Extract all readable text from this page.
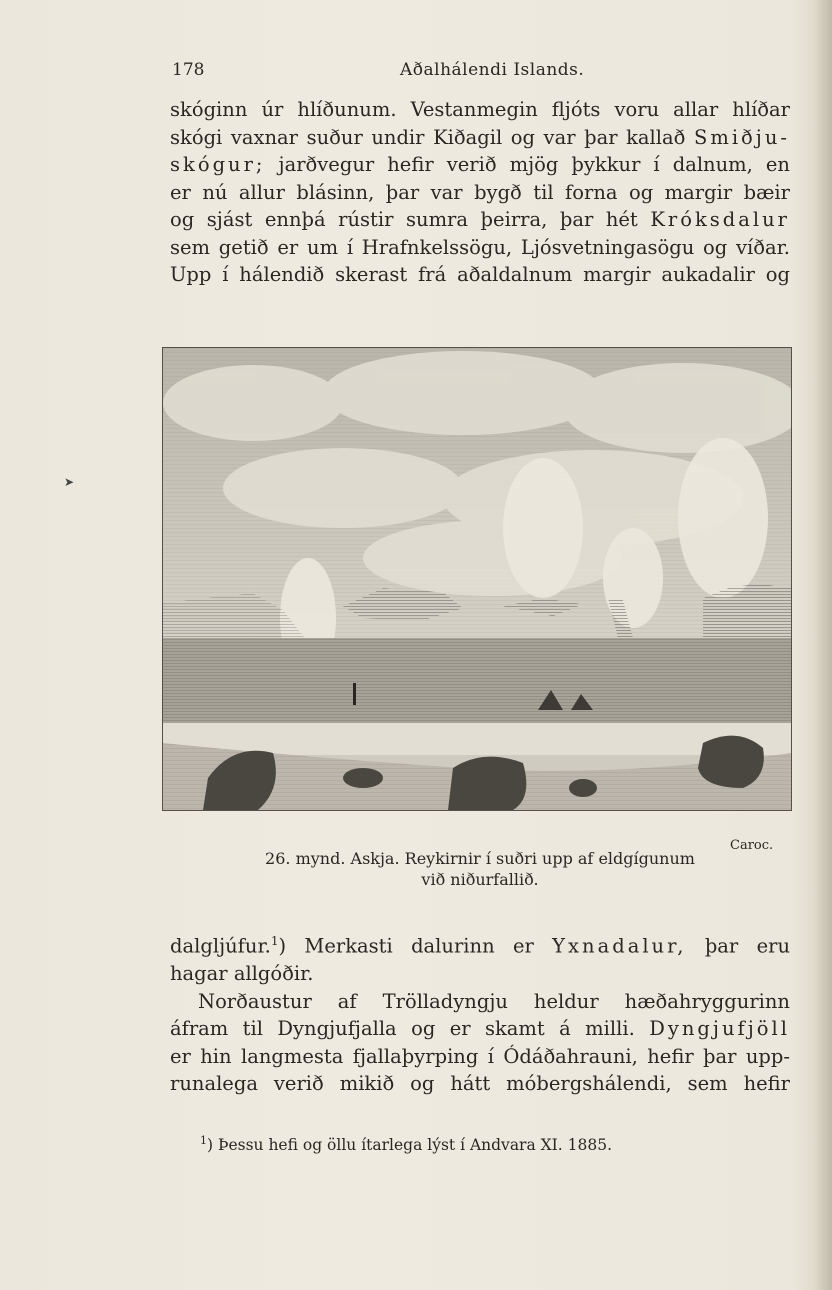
178	Aðalhálendi Islands.
skóginn úr hlíðunum. Vestanmegin fljóts voru allar hlíðar
skógi vaxnar suður undir Kiðagil og var þar kallað Smiðju-
skógur; jarðvegur hefir verið mjög þykkur í dalnum, en
er nú allur blásinn, þar var bygð til forna og margir bæir
og sjást ennþá rústir sumra þeirra, þar hét Króksdalur
sem getið er um í Hrafnkelssögu, Ljósvetningasögu og víðar.
Upp í hálendið skerast frá aðaldalnum margir aukadalir og
➤
Caroc.
26. mynd. Askja. Reykirnir í suðri upp af eldgígunum
við niðurfallið.
dalgljúfur.$^1$) Merkasti dalurinn er Yxnadalur, þar eru
hagar allgóðir.
Norðaustur af Trölladyngju heldur hæðahryggurinn
áfram til Dyngjufjalla og er skamt á milli. Dyngjufjöll
er hin langmesta fjallaþyrping í Ódáðahrauni, hefir þar upp-
runalega verið mikið og hátt móbergshálendi, sem hefir
$^1$) Þessu hefi og öllu ítarlega lýst í Andvara XI. 1885.
